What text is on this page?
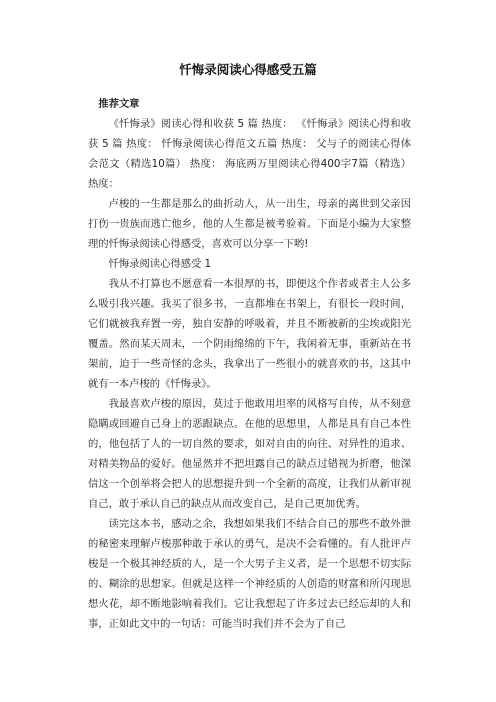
忏悔录阅读心得感受五篇

推荐文章

《忏悔录》阅读心得和收获 5 篇 热度： 《忏悔录》阅读心得和收获 5 篇 热度： 忏悔录阅读心得范文五篇 热度： 父与子的阅读心得体会范文（精选10篇） 热度： 海底两万里阅读心得400字7篇（精选） 热度：

卢梭的一生都是那么的曲折动人，从一出生，母亲的离世到父亲因打伤一贵族而逃亡他乡，他的人生都是被考验着。下面是小编为大家整理的忏悔录阅读心得感受，喜欢可以分享一下哟!

忏悔录阅读心得感受 1

我从不打算也不愿意看一本很厚的书，即便这个作者或者主人公多么吸引我兴趣。我买了很多书，一直都堆在书架上，有很长一段时间，它们就被我弃置一旁，独自安静的呼吸着，并且不断被新的尘埃或阳光覆盖。然而某天周末，一个阴雨绵绵的下午，我闲着无事，重新站在书架前，迫于一些奇怪的念头，我拿出了一些很小的就喜欢的书，这其中就有一本卢梭的《忏悔录》。

我最喜欢卢梭的原因，莫过于他敢用坦率的风格写自传，从不刻意隐瞒或回避自己身上的恶跟缺点。在他的思想里，人都是具有自己本性的，他包括了人的一切自然的要求，如对自由的向往、对异性的追求、对精美物品的爱好。他显然并不把坦露自己的缺点过错视为折磨，他深信这一个创举将会把人的思想提升到一个全新的高度，让我们从新审视自己，敢于承认自己的缺点从而改变自己，是自己更加优秀。

读完这本书，感动之余，我想如果我们不结合自己的那些不敢外泄的秘密来理解卢梭那种敢于承认的勇气，是决不会看懂的。有人批评卢梭是一个极其神经质的人，是一个大男子主义者，是一个思想不切实际的、糊涂的思想家。但就是这样一个神经质的人创造的财富和所闪现思想火花，却不断地影响着我们。它让我想起了许多过去已经忘却的人和事，正如此文中的一句话：可能当时我们并不会为了自己
